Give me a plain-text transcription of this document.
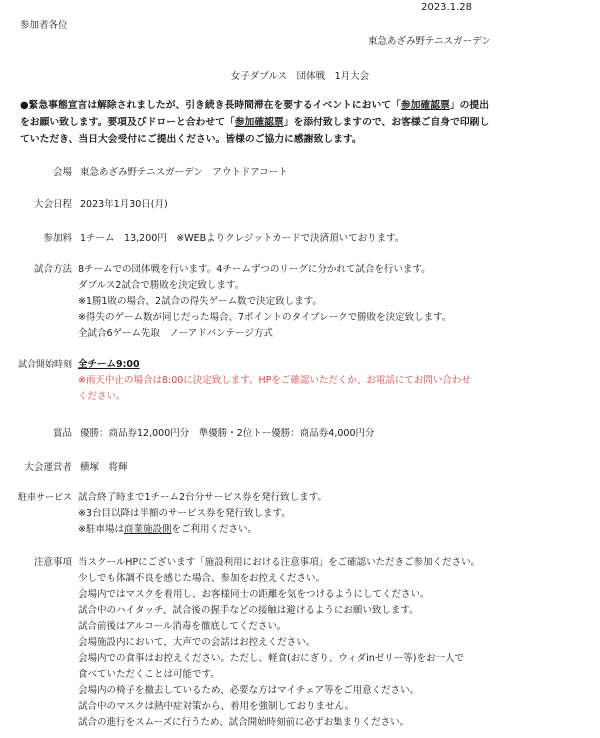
2023.1.28
参加者各位
東急あざみ野テニスガーデン
女子ダブルス　団体戦　1月大会

●緊急事態宣言は解除されましたが、引き続き長時間滞在を要するイベントにおいて「参加確認票」の提出

をお願い致します。要項及びドローと合わせて「参加確認票」を添付致しますので、お客様ご自身で印刷し

ていただき、当日大会受付にご提出ください。皆様のご協力に感謝致します。

会場 東急あざみ野テニスガーデン　アウトドアコート
大会日程 2023年1月30日(月)
参加料 1チーム　13,200円　※WEBよりクレジットカードで決済頂いております。
試合方法 8チームでの団体戦を行います。4チームずつのリーグに分かれて試合を行います。
ダブルス2試合で勝敗を決定致します。
※1勝1敗の場合、2試合の得失ゲーム数で決定致します。
※得失のゲーム数が同じだった場合、7ポイントのタイブレークで勝敗を決定致します。
全試合6ゲーム先取　ノーアドバンテージ方式
試合開始時刻 全チーム9:00
※雨天中止の場合は8:00に決定致します。HPをご確認いただくか、お電話にてお問い合わせ
ください。
賞品 優勝：商品券12,000円分　準優勝・2位トー優勝：商品券4,000円分
大会運営者 横塚　将輝
駐車サービス 試合終了時まで1チーム2台分サービス券を発行致します。
※3台目以降は半額のサービス券を発行致します。
※駐車場は商業施設側をご利用ください。
注意事項 当スクールHPにございます「施設利用における注意事項」をご確認いただきご参加ください。
少しでも体調不良を感じた場合、参加をお控えください。
会場内ではマスクを着用し、お客様同士の距離を気をつけるようにしてください。
試合中のハイタッチ、試合後の握手などの接触は避けるようにお願い致します。
試合前後はアルコール消毒を徹底してください。
会場施設内において、大声での会話はお控えください。
会場内での食事はお控えください。ただし、軽食(おにぎり、ウィダinゼリー等)をお一人で
食べていただくことは可能です。
会場内の椅子を撤去しているため、必要な方はマイチェア等をご用意ください。
試合中のマスクは熱中症対策から、着用を強制しておりません。
試合の進行をスムーズに行うため、試合開始時刻前に必ずお集まりください。
